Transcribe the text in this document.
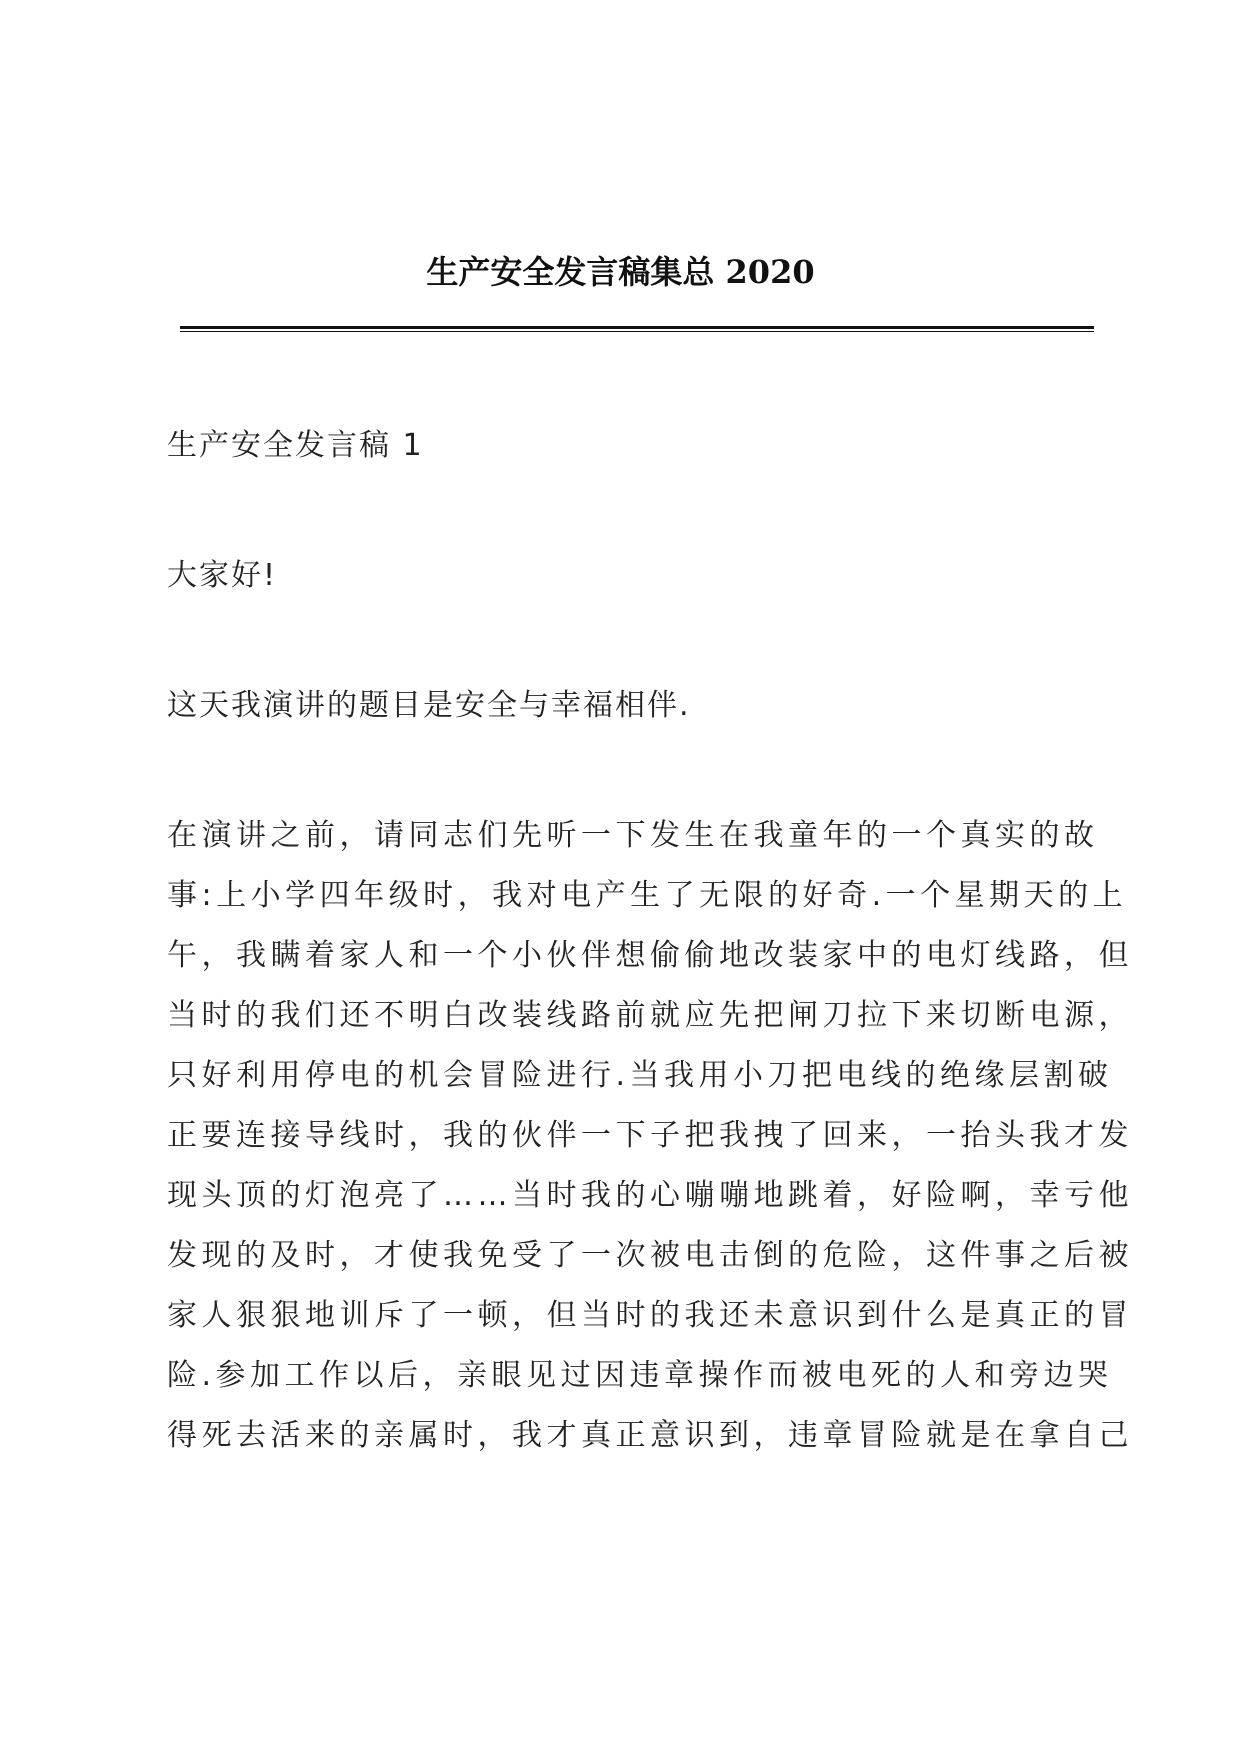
生产安全发言稿集总 2020
生产安全发言稿 1
大家好!
这天我演讲的题目是安全与幸福相伴.
在演讲之前，请同志们先听一下发生在我童年的一个真实的故
事:上小学四年级时，我对电产生了无限的好奇.一个星期天的上
午，我瞒着家人和一个小伙伴想偷偷地改装家中的电灯线路，但
当时的我们还不明白改装线路前就应先把闸刀拉下来切断电源，
只好利用停电的机会冒险进行.当我用小刀把电线的绝缘层割破
正要连接导线时，我的伙伴一下子把我拽了回来，一抬头我才发
现头顶的灯泡亮了……当时我的心嘣嘣地跳着，好险啊，幸亏他
发现的及时，才使我免受了一次被电击倒的危险，这件事之后被
家人狠狠地训斥了一顿，但当时的我还未意识到什么是真正的冒
险.参加工作以后，亲眼见过因违章操作而被电死的人和旁边哭
得死去活来的亲属时，我才真正意识到，违章冒险就是在拿自己
